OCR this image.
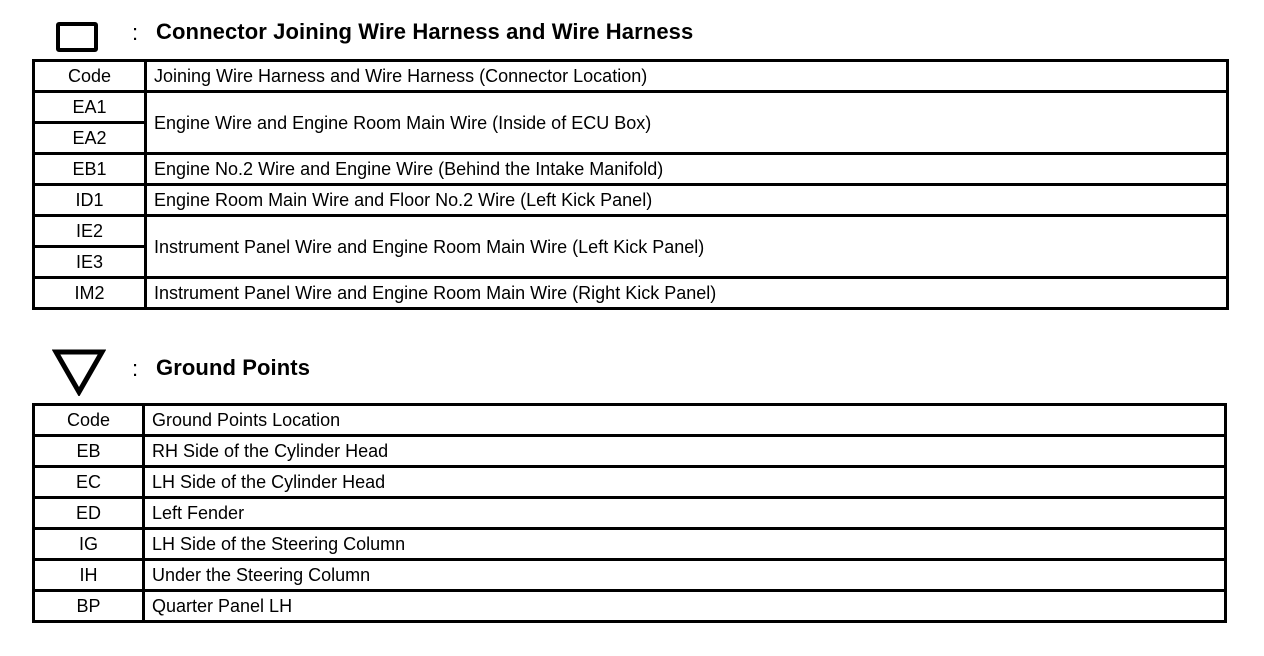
: Connector Joining Wire Harness and Wire Harness
Code	Joining Wire Harness and Wire Harness (Connector Location)
EA1	Engine Wire and Engine Room Main Wire (Inside of ECU Box)
EA2	
EB1	Engine No.2 Wire and Engine Wire (Behind the Intake Manifold)
ID1	Engine Room Main Wire and Floor No.2 Wire (Left Kick Panel)
IE2	Instrument Panel Wire and Engine Room Main Wire (Left Kick Panel)
IE3	
IM2	Instrument Panel Wire and Engine Room Main Wire (Right Kick Panel)
: Ground Points
Code	Ground Points Location
EB	RH Side of the Cylinder Head
EC	LH Side of the Cylinder Head
ED	Left Fender
IG	LH Side of the Steering Column
IH	Under the Steering Column
BP	Quarter Panel LH
